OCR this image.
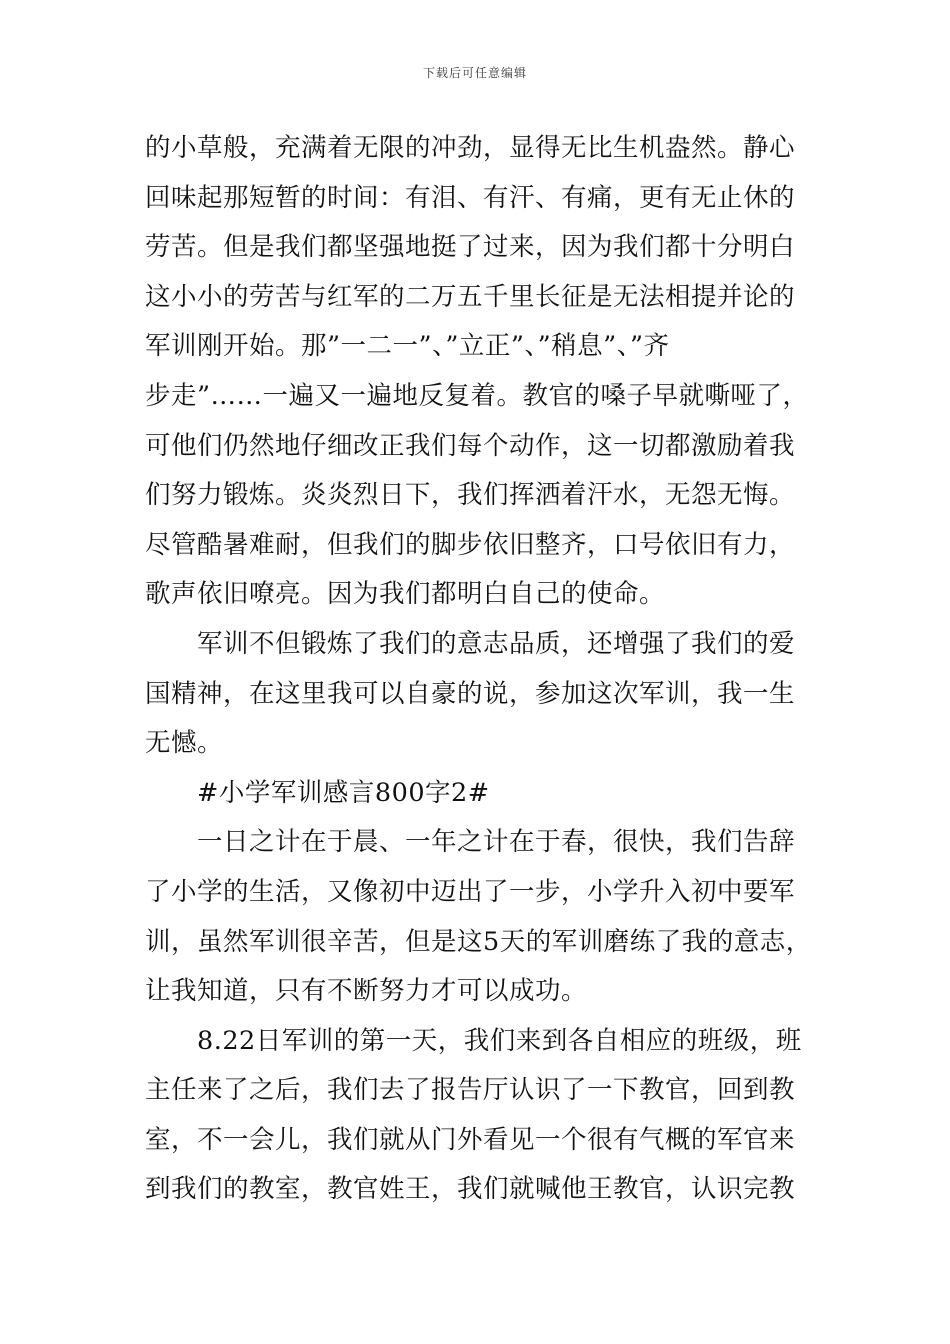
下载后可任意编辑
的小草般，充满着无限的冲劲，显得无比生机盎然。静心
回味起那短暂的时间：有泪、有汗、有痛，更有无止休的
劳苦。但是我们都坚强地挺了过来，因为我们都十分明白
这小小的劳苦与红军的二万五千里长征是无法相提并论的
军训刚开始。那”一二一”、”立正”、”稍息”、”齐
步走”……一遍又一遍地反复着。教官的嗓子早就嘶哑了，
可他们仍然地仔细改正我们每个动作，这一切都激励着我
们努力锻炼。炎炎烈日下，我们挥洒着汗水，无怨无悔。
尽管酷暑难耐，但我们的脚步依旧整齐，口号依旧有力，
歌声依旧嘹亮。因为我们都明白自己的使命。
军训不但锻炼了我们的意志品质，还增强了我们的爱
国精神，在这里我可以自豪的说，参加这次军训，我一生
无憾。
#小学军训感言800字2#
一日之计在于晨、一年之计在于春，很快，我们告辞
了小学的生活，又像初中迈出了一步，小学升入初中要军
训，虽然军训很辛苦，但是这5天的军训磨练了我的意志，
让我知道，只有不断努力才可以成功。
8.22日军训的第一天，我们来到各自相应的班级，班
主任来了之后，我们去了报告厅认识了一下教官，回到教
室，不一会儿，我们就从门外看见一个很有气概的军官来
到我们的教室，教官姓王，我们就喊他王教官，认识完教
